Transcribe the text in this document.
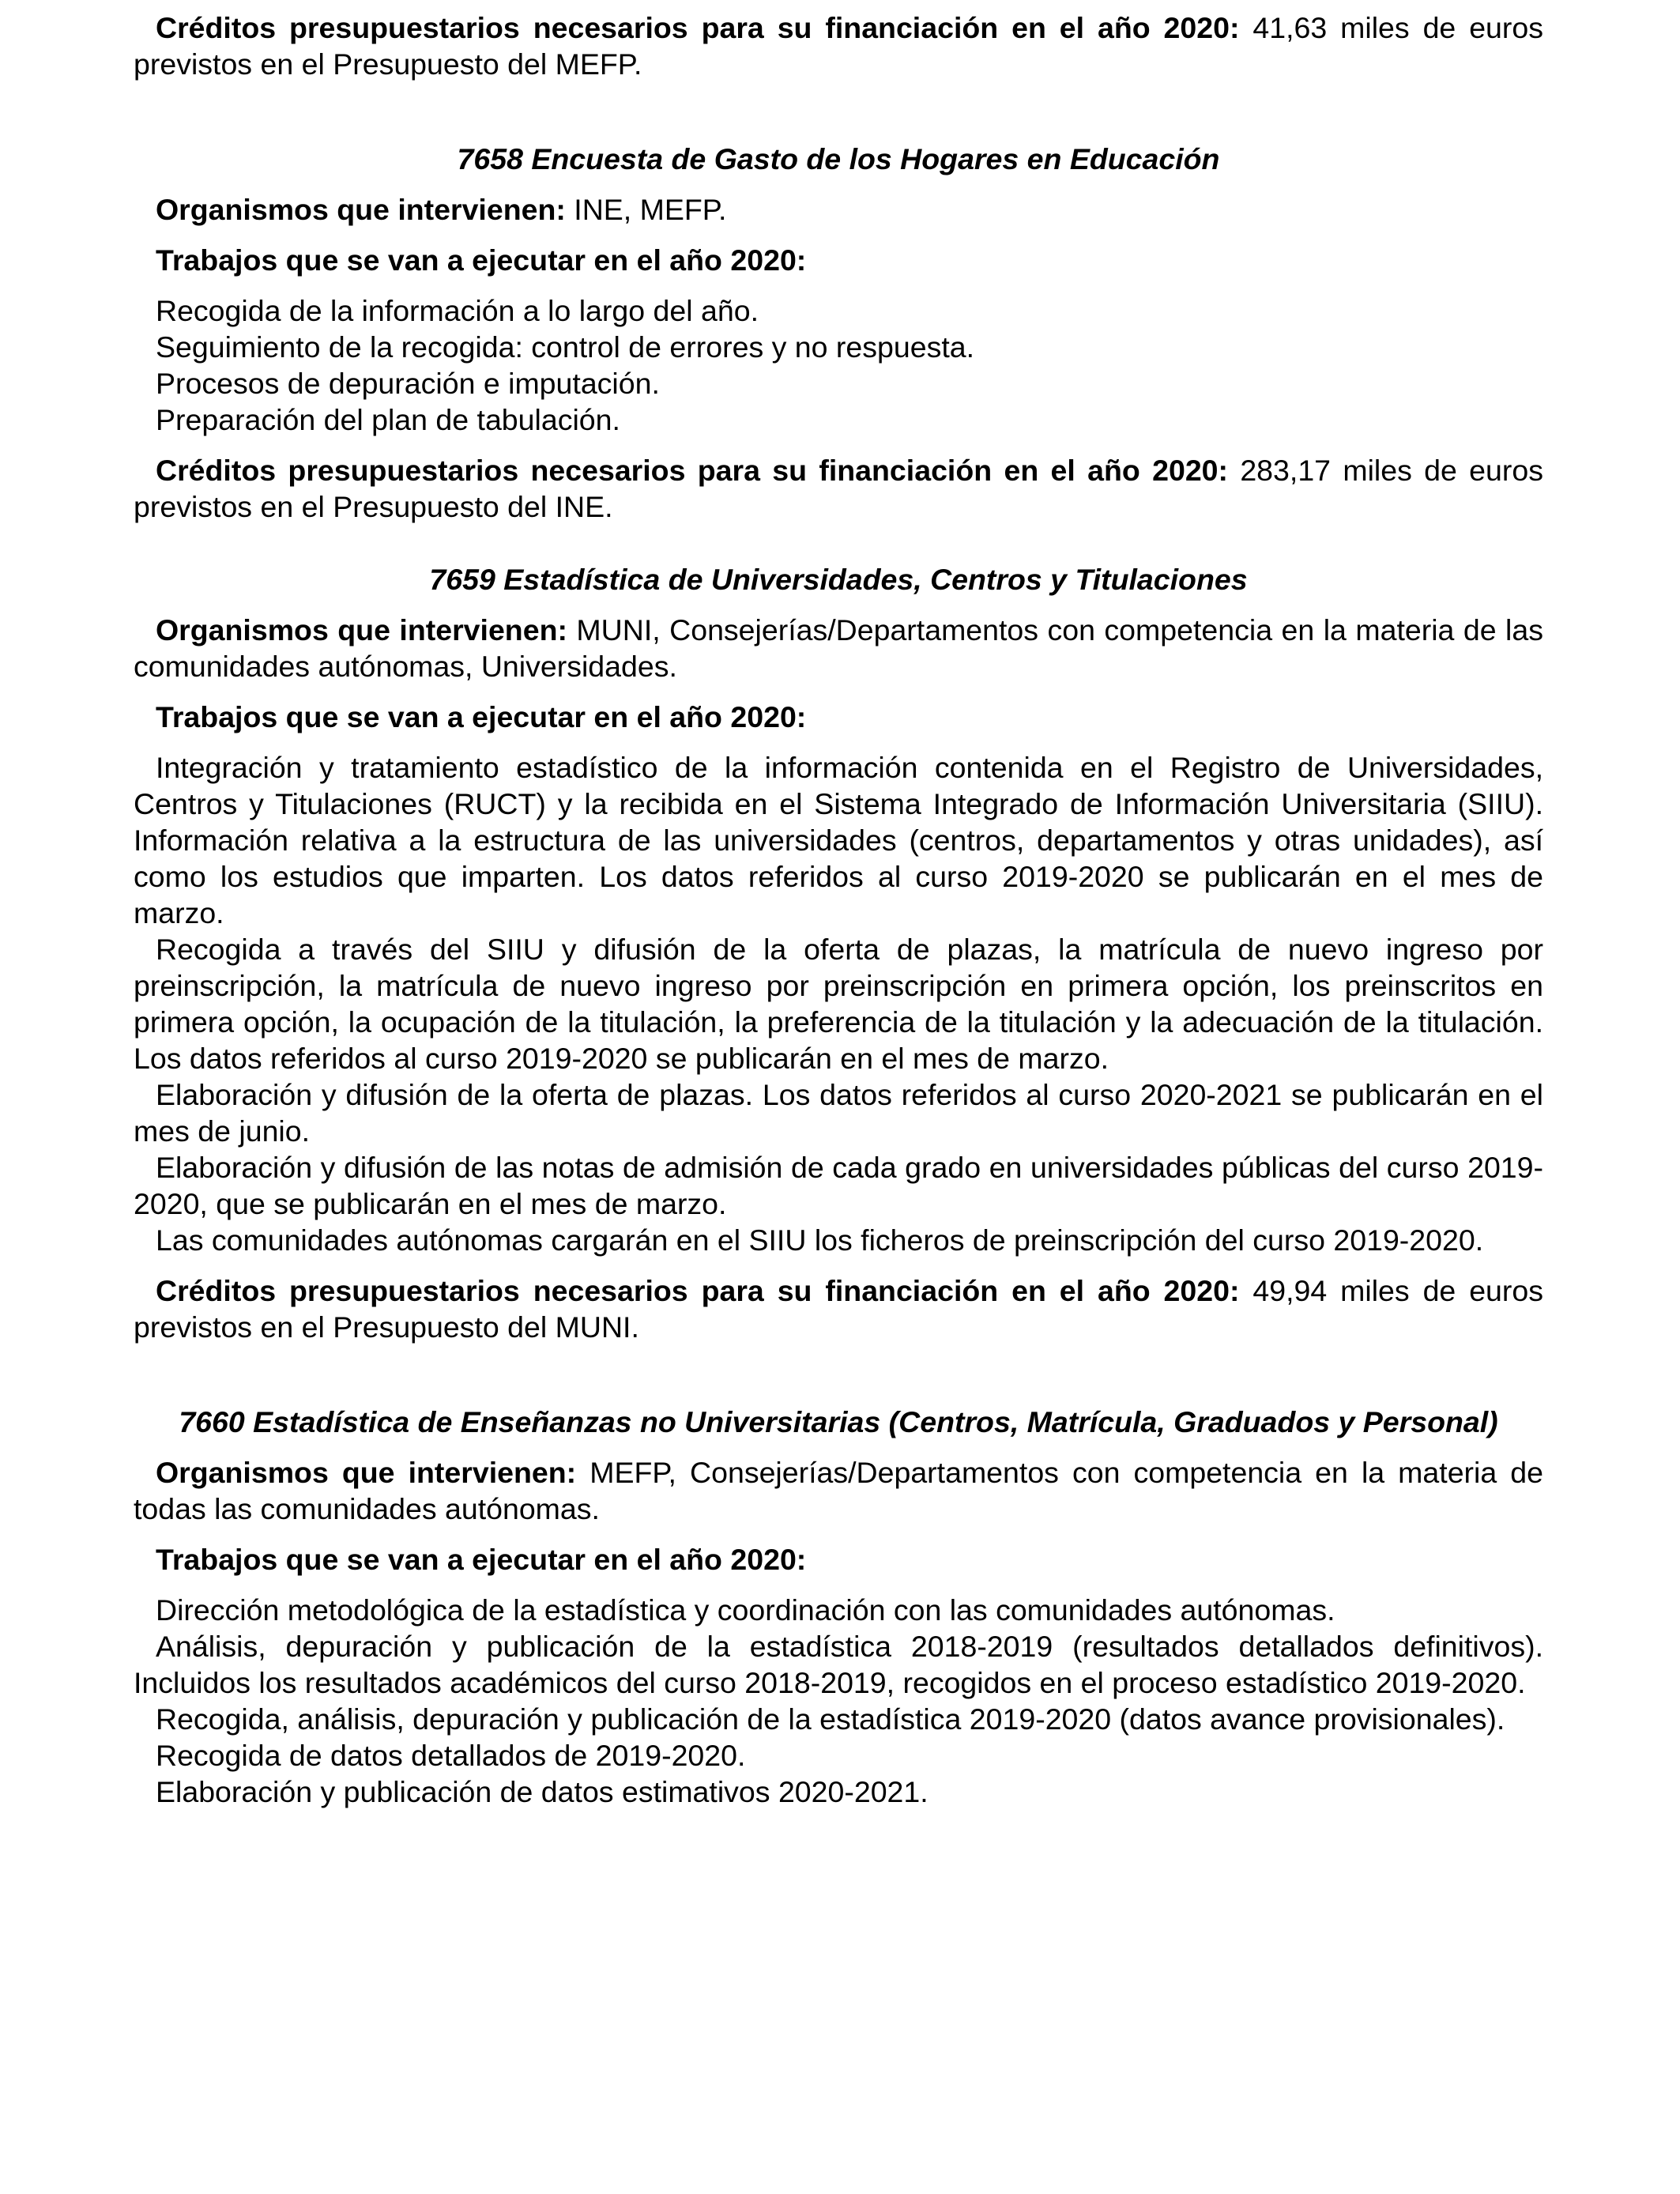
Créditos presupuestarios necesarios para su financiación en el año 2020: 41,63 miles de euros previstos en el Presupuesto del MEFP.

7658 Encuesta de Gasto de los Hogares en Educación

Organismos que intervienen: INE, MEFP.

Trabajos que se van a ejecutar en el año 2020:

Recogida de la información a lo largo del año.

Seguimiento de la recogida: control de errores y no respuesta.

Procesos de depuración e imputación.

Preparación del plan de tabulación.

Créditos presupuestarios necesarios para su financiación en el año 2020: 283,17 miles de euros previstos en el Presupuesto del INE.

7659 Estadística de Universidades, Centros y Titulaciones

Organismos que intervienen: MUNI, Consejerías/Departamentos con competencia en la materia de las comunidades autónomas, Universidades.

Trabajos que se van a ejecutar en el año 2020:

Integración y tratamiento estadístico de la información contenida en el Registro de Universidades, Centros y Titulaciones (RUCT) y la recibida en el Sistema Integrado de Información Universitaria (SIIU). Información relativa a la estructura de las universidades (centros, departamentos y otras unidades), así como los estudios que imparten. Los datos referidos al curso 2019-2020 se publicarán en el mes de marzo.

Recogida a través del SIIU y difusión de la oferta de plazas, la matrícula de nuevo ingreso por preinscripción, la matrícula de nuevo ingreso por preinscripción en primera opción, los preinscritos en primera opción, la ocupación de la titulación, la preferencia de la titulación y la adecuación de la titulación. Los datos referidos al curso 2019-2020 se publicarán en el mes de marzo.

Elaboración y difusión de la oferta de plazas. Los datos referidos al curso 2020-2021 se publicarán en el mes de junio.

Elaboración y difusión de las notas de admisión de cada grado en universidades públicas del curso 2019-2020, que se publicarán en el mes de marzo.

Las comunidades autónomas cargarán en el SIIU los ficheros de preinscripción del curso 2019-2020.

Créditos presupuestarios necesarios para su financiación en el año 2020: 49,94 miles de euros previstos en el Presupuesto del MUNI.

7660 Estadística de Enseñanzas no Universitarias (Centros, Matrícula, Graduados y Personal)

Organismos que intervienen: MEFP, Consejerías/Departamentos con competencia en la materia de todas las comunidades autónomas.

Trabajos que se van a ejecutar en el año 2020:

Dirección metodológica de la estadística y coordinación con las comunidades autónomas.

Análisis, depuración y publicación de la estadística 2018-2019 (resultados detallados definitivos). Incluidos los resultados académicos del curso 2018-2019, recogidos en el proceso estadístico 2019-2020.

Recogida, análisis, depuración y publicación de la estadística 2019-2020 (datos avance provisionales).

Recogida de datos detallados de 2019-2020.

Elaboración y publicación de datos estimativos 2020-2021.
